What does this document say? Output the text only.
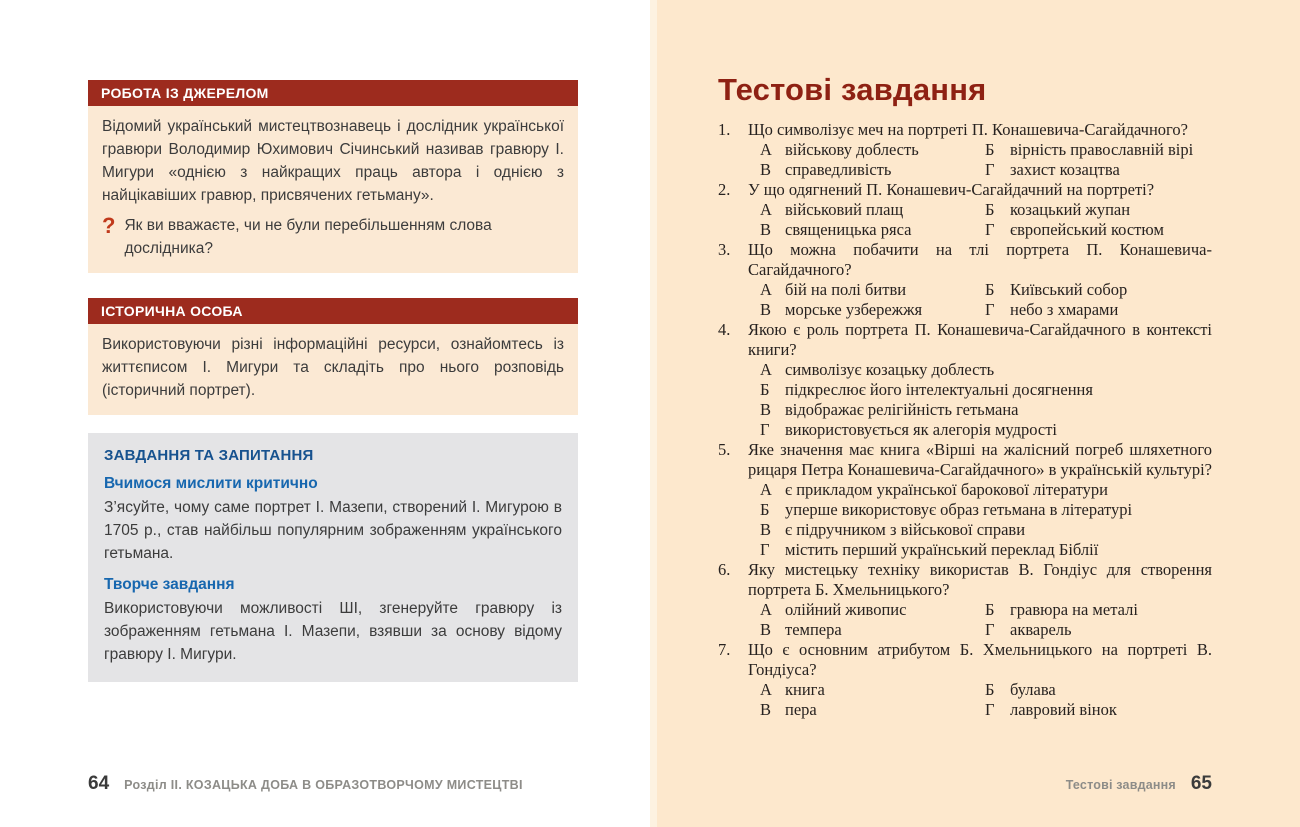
РОБОТА ІЗ ДЖЕРЕЛОМ
Відомий український мистецтвознавець і дослідник української гравюри Володимир Юхимович Січинський називав гравюру І. Мигури «однією з найкращих праць автора і однією з найцікавіших гравюр, присвячених гетьману».
? Як ви вважаєте, чи не були перебільшенням слова дослідника?
ІСТОРИЧНА ОСОБА
Використовуючи різні інформаційні ресурси, ознайомтесь із життєписом І. Мигури та складіть про нього розповідь (історичний портрет).
ЗАВДАННЯ ТА ЗАПИТАННЯ
Вчимося мислити критично
З’ясуйте, чому саме портрет І. Мазепи, створений І. Мигурою в 1705 р., став найбільш популярним зображенням українського гетьмана.
Творче завдання
Використовуючи можливості ШІ, згенеруйте гравюру із зображенням гетьмана І. Мазепи, взявши за основу відому гравюру І. Мигури.
64 Розділ ІІ. КОЗАЦЬКА ДОБА В ОБРАЗОТВОРЧОМУ МИСТЕЦТВІ
Тестові завдання
1.	Що символізує меч на портреті П. Конашевича-Сагайдачного?
А військову доблесть	Б вірність православній вірі
В справедливість	Г захист козацтва
2.	У що одягнений П. Конашевич-Сагайдачний на портреті?
А військовий плащ	Б козацький жупан
В священицька ряса	Г європейський костюм
3.	Що можна побачити на тлі портрета П. Конашевича-Сагайдачного?
А бій на полі битви	Б Київський собор
В морське узбережжя	Г небо з хмарами
4.	Якою є роль портрета П. Конашевича-Сагайдачного в контексті книги?
А символізує козацьку доблесть
Б підкреслює його інтелектуальні досягнення
В відображає релігійність гетьмана
Г використовується як алегорія мудрості
5.	Яке значення має книга «Вірші на жалісний погреб шляхетного рицаря Петра Конашевича-Сагайдачного» в українській культурі?
А є прикладом української барокової літератури
Б уперше використовує образ гетьмана в літературі
В є підручником з військової справи
Г містить перший український переклад Біблії
6.	Яку мистецьку техніку використав В. Гондіус для створення портрета Б. Хмельницького?
А олійний живопис	Б гравюра на металі
В темпера	Г акварель
7.	Що є основним атрибутом Б. Хмельницького на портреті В. Гондіуса?
А книга	Б булава
В пера	Г лавровий вінок
Тестові завдання 65
